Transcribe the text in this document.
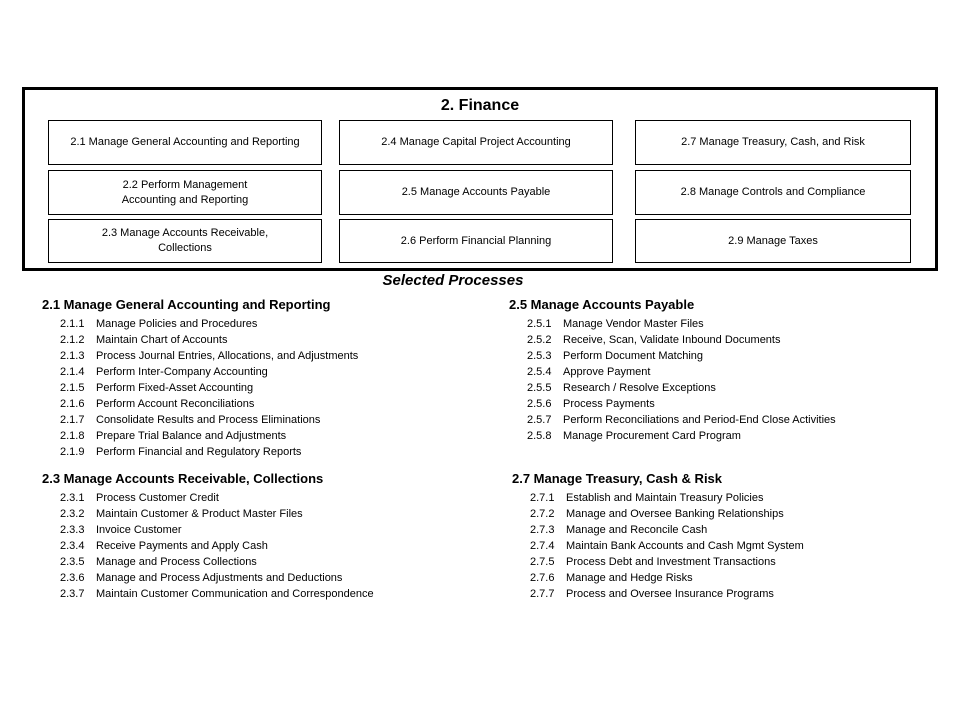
2. Finance
2.1 Manage General Accounting and Reporting	2.4 Manage Capital Project Accounting	2.7 Manage Treasury, Cash, and Risk
2.2 Perform Management Accounting and Reporting
2.5 Manage Accounts Payable	2.8 Manage Controls and Compliance
2.3 Manage Accounts Receivable, Collections
2.6 Perform Financial Planning	2.9 Manage Taxes
Selected Processes
2.1 Manage General Accounting and Reporting
2.1.1	Manage Policies and Procedures
2.1.2	Maintain Chart of Accounts
2.1.3	Process Journal Entries, Allocations, and Adjustments
2.1.4	Perform Inter-Company Accounting
2.1.5	Perform Fixed-Asset Accounting
2.1.6	Perform Account Reconciliations
2.1.7	Consolidate Results and Process Eliminations
2.1.8	Prepare Trial Balance and Adjustments
2.1.9	Perform Financial and Regulatory Reports
2.5 Manage Accounts Payable
2.5.1	Manage Vendor Master Files
2.5.2	Receive, Scan, Validate Inbound Documents
2.5.3	Perform Document Matching
2.5.4	Approve Payment
2.5.5	Research / Resolve Exceptions
2.5.6	Process Payments
2.5.7	Perform Reconciliations and Period-End Close Activities
2.5.8	Manage Procurement Card Program
2.3 Manage Accounts Receivable, Collections
2.3.1	Process Customer Credit
2.3.2	Maintain Customer & Product Master Files
2.3.3	Invoice Customer
2.3.4	Receive Payments and Apply Cash
2.3.5	Manage and Process Collections
2.3.6	Manage and Process Adjustments and Deductions
2.3.7	Maintain Customer Communication and Correspondence
2.7 Manage Treasury, Cash & Risk
2.7.1	Establish and Maintain Treasury Policies
2.7.2	Manage and Oversee Banking Relationships
2.7.3	Manage and Reconcile Cash
2.7.4	Maintain Bank Accounts and Cash Mgmt System
2.7.5	Process Debt and Investment Transactions
2.7.6	Manage and Hedge Risks
2.7.7	Process and Oversee Insurance Programs
